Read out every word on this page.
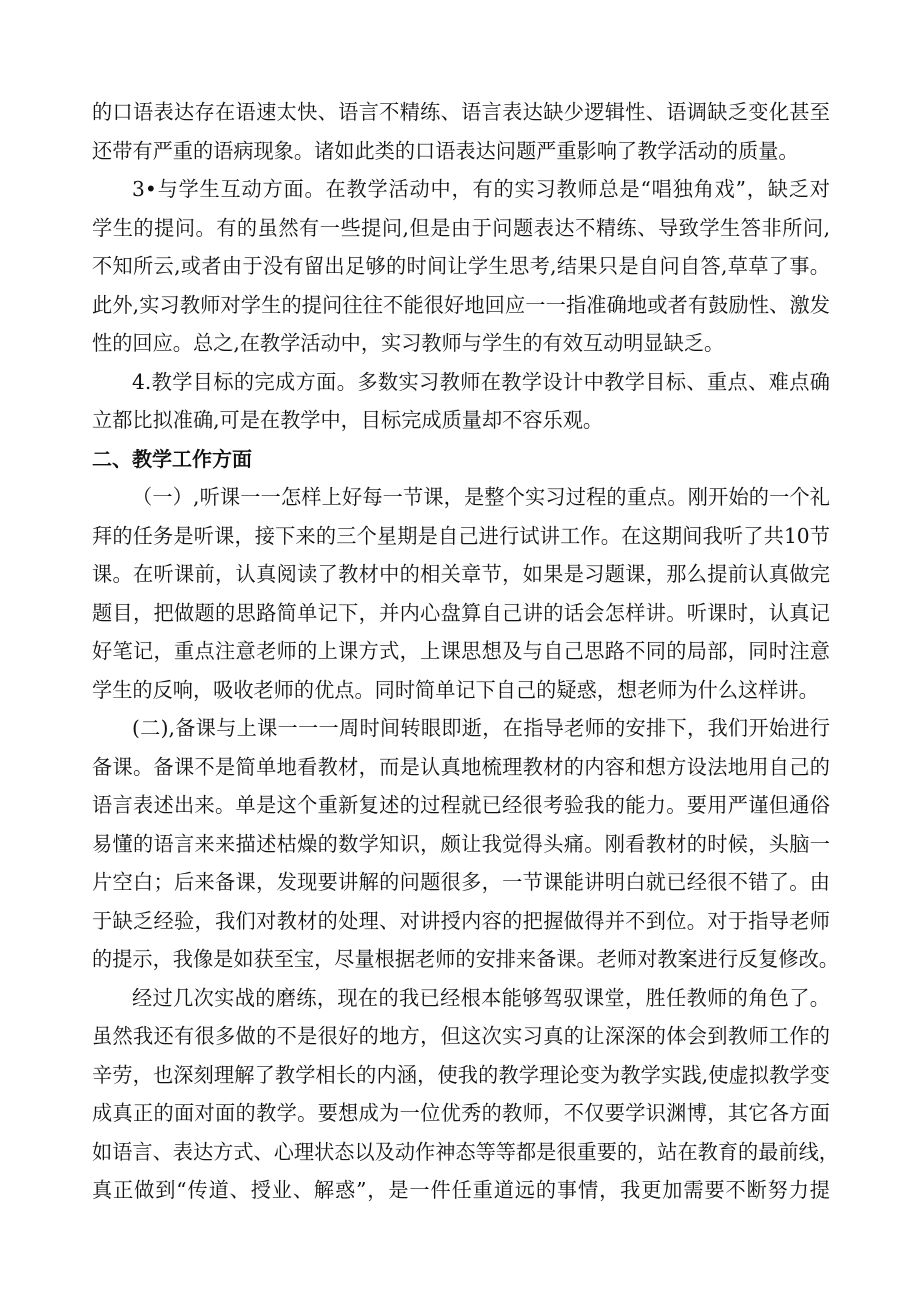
的口语表达存在语速太快、语言不精练、语言表达缺少逻辑性、语调缺乏变化甚至
还带有严重的语病现象。诸如此类的口语表达问题严重影响了教学活动的质量。
3•与学生互动方面。在教学活动中，有的实习教师总是“唱独角戏”，缺乏对
学生的提问。有的虽然有一些提问,但是由于问题表达不精练、导致学生答非所问,
不知所云,或者由于没有留出足够的时间让学生思考,结果只是自问自答,草草了事。
此外,实习教师对学生的提问往往不能很好地回应一一指准确地或者有鼓励性、激发
性的回应。总之,在教学活动中，实习教师与学生的有效互动明显缺乏。
4.教学目标的完成方面。多数实习教师在教学设计中教学目标、重点、难点确
立都比拟准确,可是在教学中，目标完成质量却不容乐观。
二、教学工作方面
（一）,听课一一怎样上好每一节课，是整个实习过程的重点。刚开始的一个礼
拜的任务是听课，接下来的三个星期是自己进行试讲工作。在这期间我听了共10节
课。在听课前，认真阅读了教材中的相关章节，如果是习题课，那么提前认真做完
题目，把做题的思路简单记下，并内心盘算自己讲的话会怎样讲。听课时，认真记
好笔记，重点注意老师的上课方式，上课思想及与自己思路不同的局部，同时注意
学生的反响，吸收老师的优点。同时简单记下自己的疑惑，想老师为什么这样讲。
(二),备课与上课一一一周时间转眼即逝，在指导老师的安排下，我们开始进行
备课。备课不是简单地看教材，而是认真地梳理教材的内容和想方设法地用自己的
语言表述出来。单是这个重新复述的过程就已经很考验我的能力。要用严谨但通俗
易懂的语言来来描述枯燥的数学知识，颇让我觉得头痛。刚看教材的时候，头脑一
片空白；后来备课，发现要讲解的问题很多，一节课能讲明白就已经很不错了。由
于缺乏经验，我们对教材的处理、对讲授内容的把握做得并不到位。对于指导老师
的提示，我像是如获至宝，尽量根据老师的安排来备课。老师对教案进行反复修改。
经过几次实战的磨练，现在的我已经根本能够驾驭课堂，胜任教师的角色了。
虽然我还有很多做的不是很好的地方，但这次实习真的让深深的体会到教师工作的
辛劳，也深刻理解了教学相长的内涵，使我的教学理论变为教学实践,使虚拟教学变
成真正的面对面的教学。要想成为一位优秀的教师，不仅要学识渊博，其它各方面
如语言、表达方式、心理状态以及动作神态等等都是很重要的，站在教育的最前线，
真正做到“传道、授业、解惑”，是一件任重道远的事情，我更加需要不断努力提
